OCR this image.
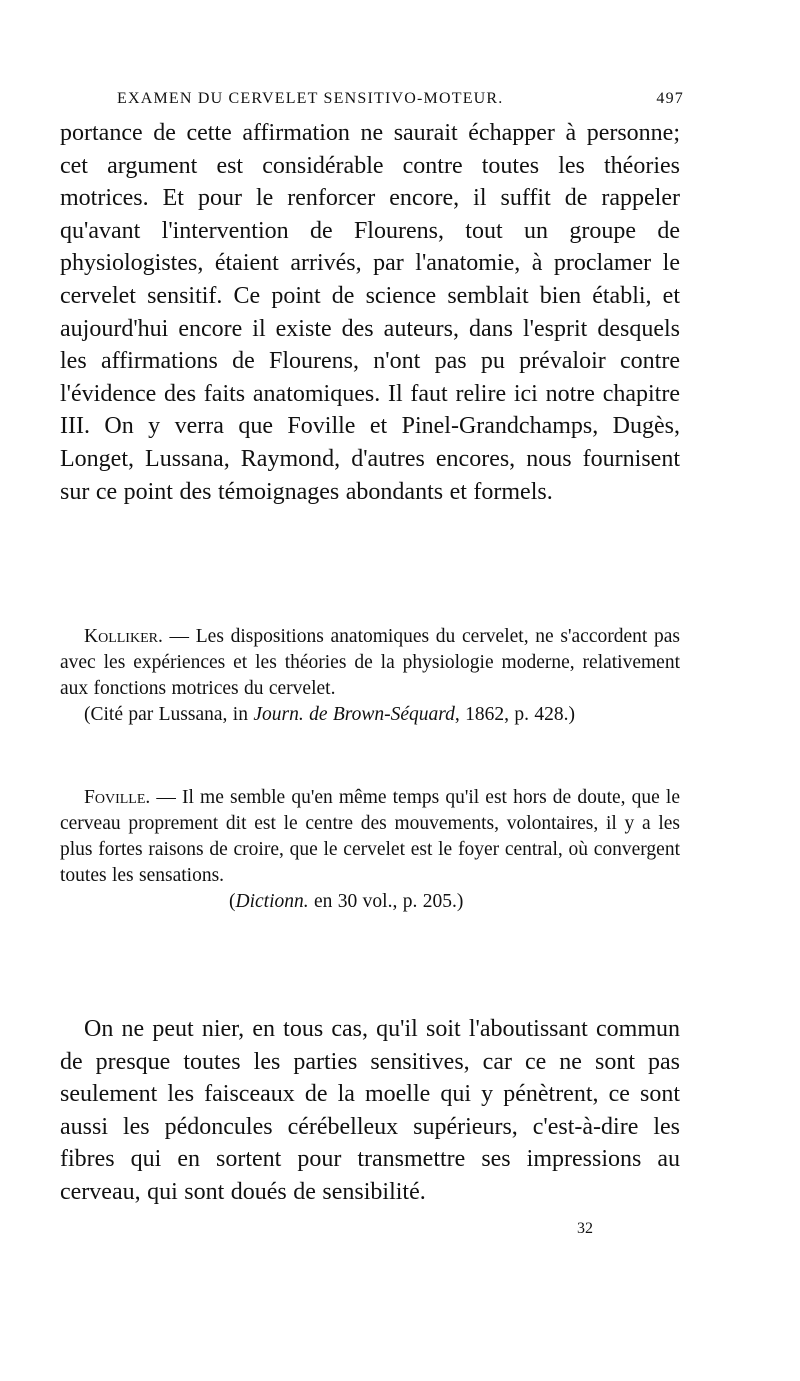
EXAMEN DU CERVELET SENSITIVO-MOTEUR.	497
portance de cette affirmation ne saurait échapper à personne; cet argument est considérable contre toutes les théories motrices. Et pour le renforcer encore, il suffit de rappeler qu'avant l'intervention de Flourens, tout un groupe de physiologistes, étaient arrivés, par l'anatomie, à proclamer le cervelet sensitif. Ce point de science semblait bien établi, et aujourd'hui encore il existe des auteurs, dans l'esprit desquels les affirmations de Flourens, n'ont pas pu prévaloir contre l'évidence des faits anatomiques. Il faut relire ici notre chapitre III. On y verra que Foville et Pinel-Grandchamps, Dugès, Longet, Lussana, Raymond, d'autres encores, nous fournisent sur ce point des témoignages abondants et formels.
Kolliker. — Les dispositions anatomiques du cervelet, ne s'accordent pas avec les expériences et les théories de la physiologie moderne, relativement aux fonctions motrices du cervelet.
(Cité par Lussana, in Journ. de Brown-Séquard, 1862, p. 428.)
Foville. — Il me semble qu'en même temps qu'il est hors de doute, que le cerveau proprement dit est le centre des mouvements, volontaires, il y a les plus fortes raisons de croire, que le cervelet est le foyer central, où convergent toutes les sensations.
(Dictionn. en 30 vol., p. 205.)
On ne peut nier, en tous cas, qu'il soit l'aboutissant commun de presque toutes les parties sensitives, car ce ne sont pas seulement les faisceaux de la moelle qui y pénètrent, ce sont aussi les pédoncules cérébelleux supérieurs, c'est-à-dire les fibres qui en sortent pour transmettre ses impressions au cerveau, qui sont doués de sensibilité.
32
